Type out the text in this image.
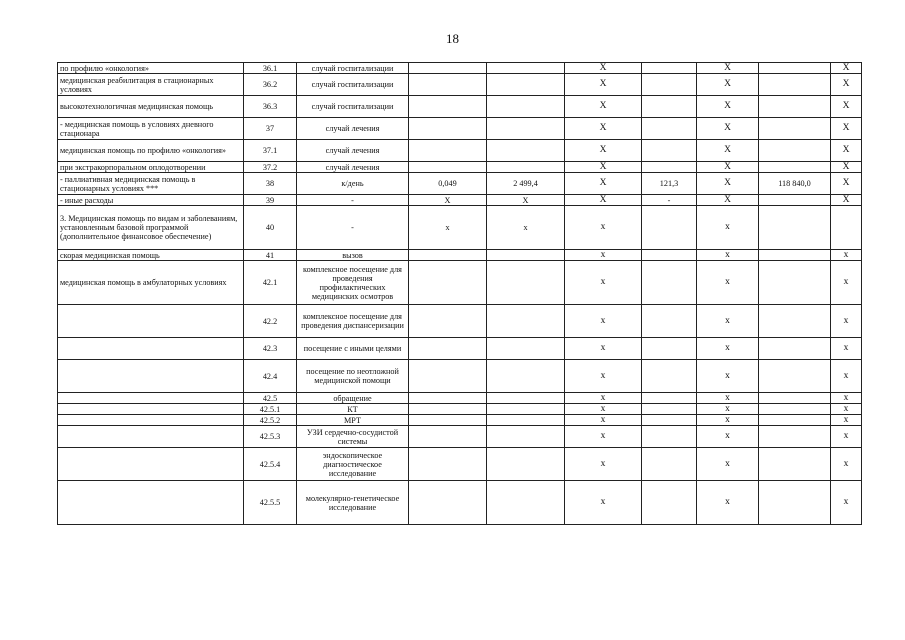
18
по профилю «онкология»	36.1	случай госпитализации			Х		Х		Х
медицинская реабилитация в стационарных условиях	36.2	случай госпитализации			Х		Х		Х
высокотехнологичная медицинская помощь	36.3	случай госпитализации			Х		Х		Х
- медицинская помощь в условиях дневного стационара	37	случай лечения			Х		Х		Х
медицинская помощь по профилю «онкология»	37.1	случай лечения			Х		Х		Х
при экстракорпоральном оплодотворении	37.2	случай лечения			Х		Х		Х
- паллиативная медицинская помощь в стационарных условиях ***	38	к/день	0,049	2 499,4	Х	121,3	Х	118 840,0	Х
- иные расходы	39	-	Х	Х	Х	-	Х		Х
3. Медицинская помощь по видам и заболеваниям, установленным базовой программой (дополнительное финансовое обеспечение)	40	-	х	х	х		х		
скорая медицинская помощь	41	вызов			х		х		х
медицинская помощь в амбулаторных условиях	42.1	комплексное посещение для проведения профилактических медицинских осмотров			х		х		х
	42.2	комплексное посещение для проведения диспансеризации			х		х		х
	42.3	посещение с иными целями			х		х		х
	42.4	посещение по неотложной медицинской помощи			х		х		х
	42.5	обращение			х		х		х
	42.5.1	КТ			х		х		х
	42.5.2	МРТ			х		х		х
	42.5.3	УЗИ сердечно-сосудистой системы			х		х		х
	42.5.4	эндоскопическое диагностическое исследование			х		х		х
	42.5.5	молекулярно-генетическое исследование			х		х		х
